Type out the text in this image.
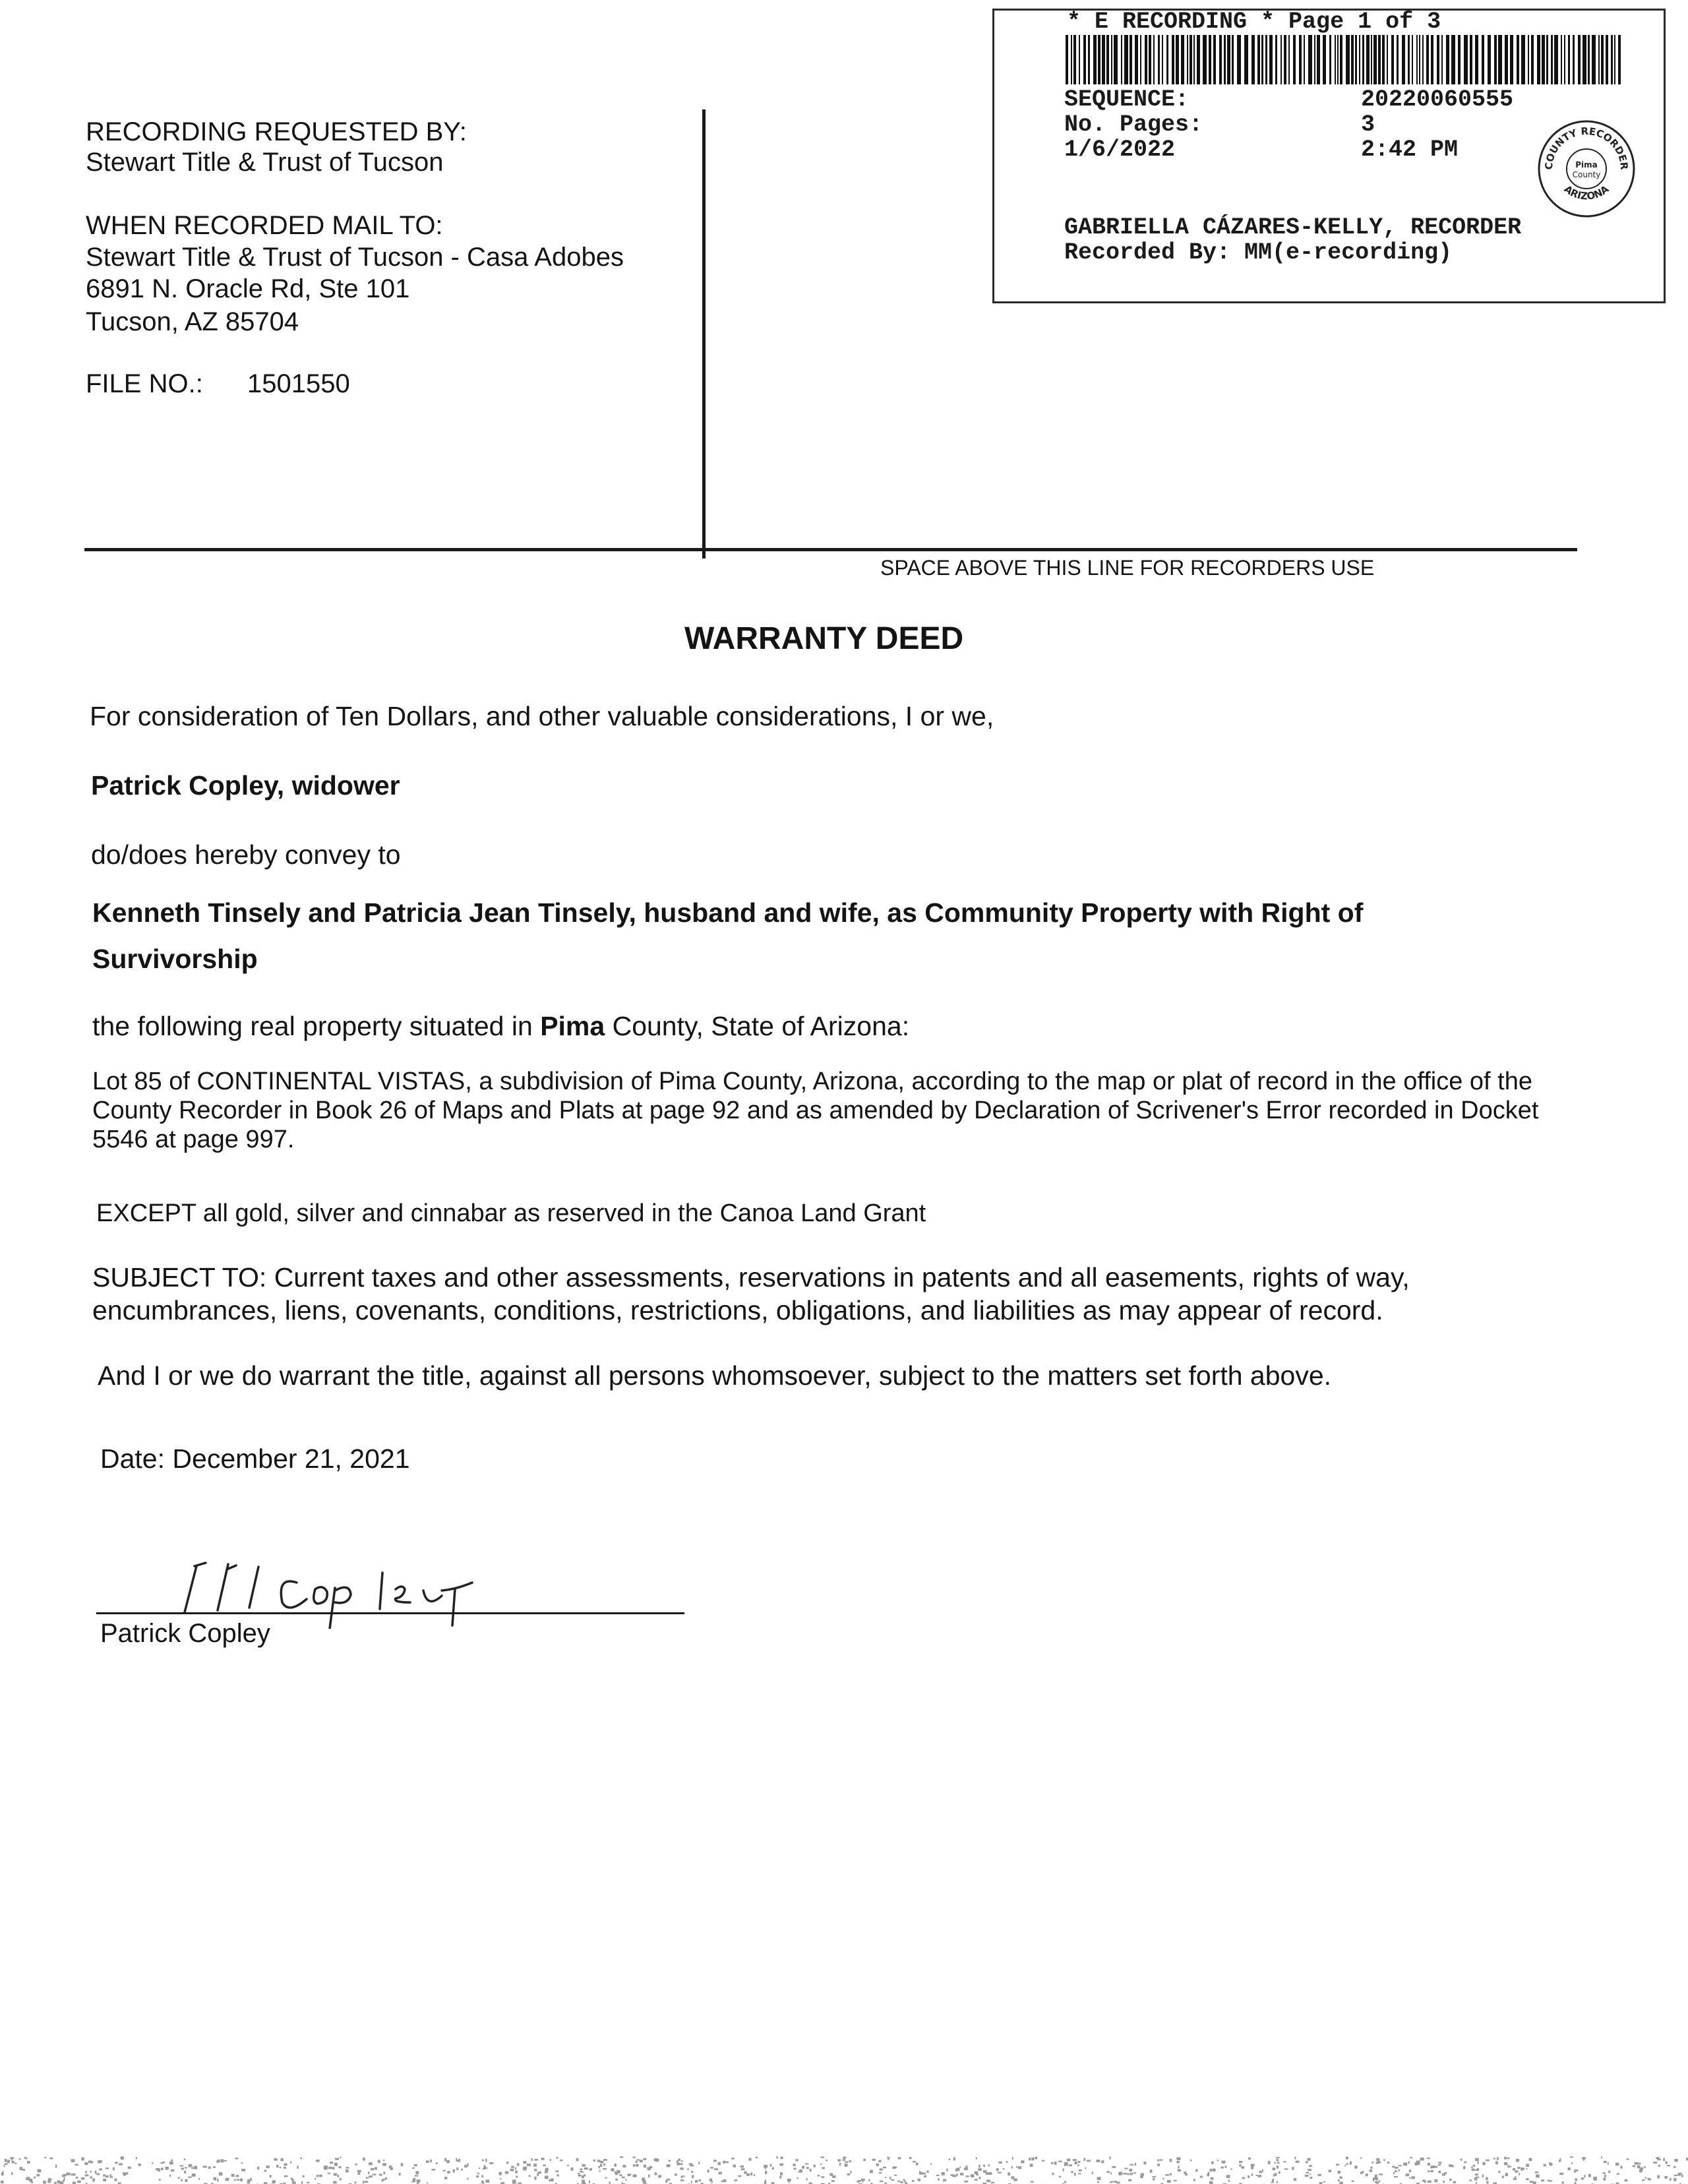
* E RECORDING * Page 1 of 3
SEQUENCE:	20220060555
No. Pages:	3
1/6/2022	2:42 PM
GABRIELLA CÁZARES-KELLY, RECORDER
Recorded By: MM(e-recording)
COUNTY RECORDER
ARIZONA
Pima
County
RECORDING REQUESTED BY:
Stewart Title & Trust of Tucson
WHEN RECORDED MAIL TO:
Stewart Title & Trust of Tucson - Casa Adobes
6891 N. Oracle Rd, Ste 101
Tucson, AZ 85704
FILE NO.: 1501550
SPACE ABOVE THIS LINE FOR RECORDERS USE
WARRANTY DEED
For consideration of Ten Dollars, and other valuable considerations, I or we,
Patrick Copley, widower
do/does hereby convey to
Kenneth Tinsely and Patricia Jean Tinsely, husband and wife, as Community Property with Right of
Survivorship
the following real property situated in Pima County, State of Arizona:
Lot 85 of CONTINENTAL VISTAS, a subdivision of Pima County, Arizona, according to the map or plat of record in the office of the County Recorder in Book 26 of Maps and Plats at page 92 and as amended by Declaration of Scrivener's Error recorded in Docket 5546 at page 997.
EXCEPT all gold, silver and cinnabar as reserved in the Canoa Land Grant
SUBJECT TO: Current taxes and other assessments, reservations in patents and all easements, rights of way, encumbrances, liens, covenants, conditions, restrictions, obligations, and liabilities as may appear of record.
And I or we do warrant the title, against all persons whomsoever, subject to the matters set forth above.
Date: December 21, 2021
Patrick Copley
